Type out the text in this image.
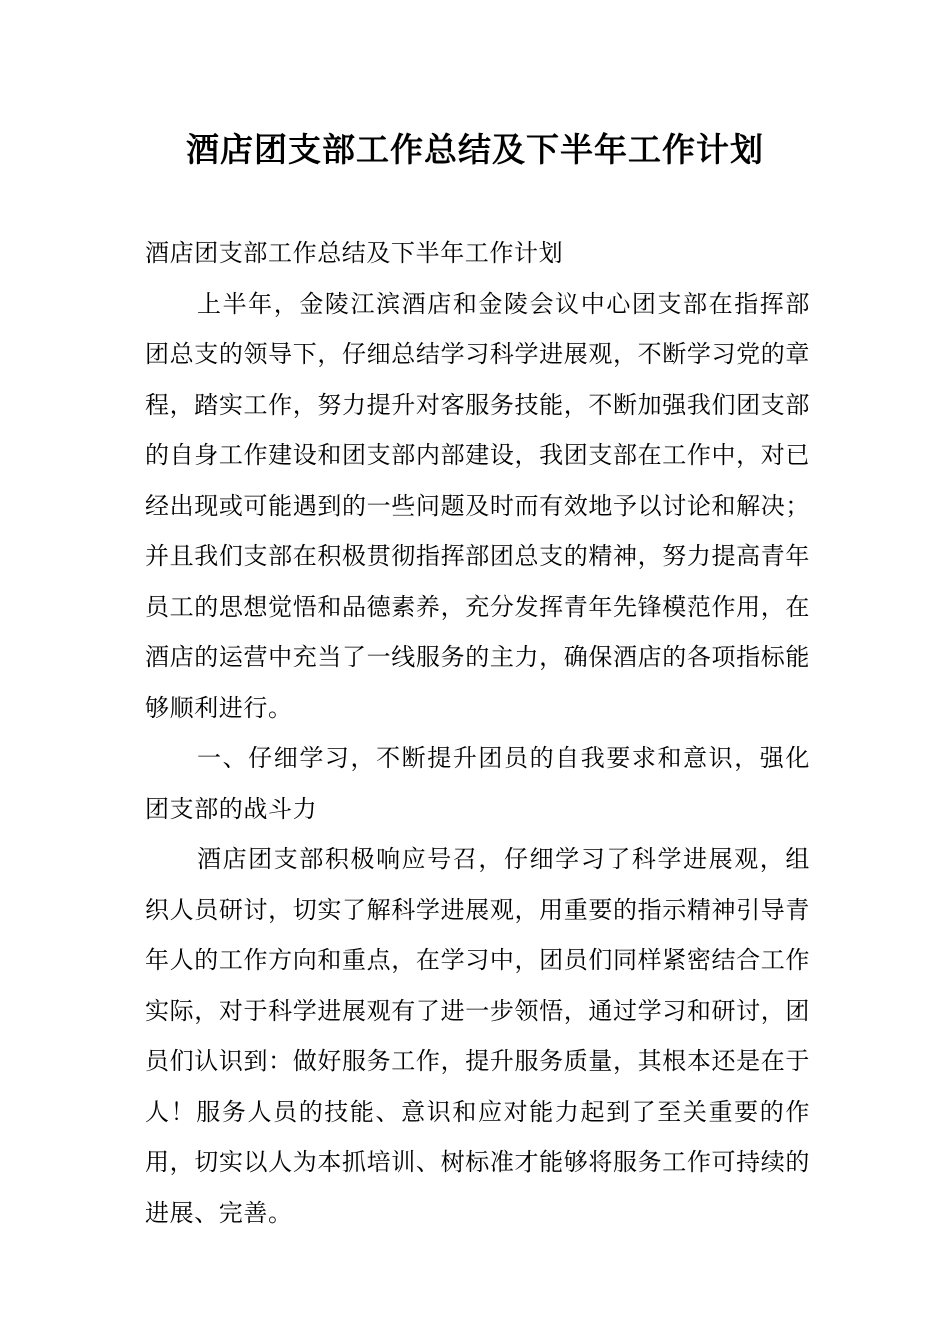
酒店团支部工作总结及下半年工作计划

酒店团支部工作总结及下半年工作计划

上半年，金陵江滨酒店和金陵会议中心团支部在指挥部团总支的领导下，仔细总结学习科学进展观，不断学习党的章程，踏实工作，努力提升对客服务技能，不断加强我们团支部的自身工作建设和团支部内部建设，我团支部在工作中，对已经出现或可能遇到的一些问题及时而有效地予以讨论和解决；并且我们支部在积极贯彻指挥部团总支的精神，努力提高青年员工的思想觉悟和品德素养，充分发挥青年先锋模范作用，在酒店的运营中充当了一线服务的主力，确保酒店的各项指标能够顺利进行。

一、仔细学习，不断提升团员的自我要求和意识，强化团支部的战斗力

酒店团支部积极响应号召，仔细学习了科学进展观，组织人员研讨，切实了解科学进展观，用重要的指示精神引导青年人的工作方向和重点，在学习中，团员们同样紧密结合工作实际，对于科学进展观有了进一步领悟，通过学习和研讨，团员们认识到：做好服务工作，提升服务质量，其根本还是在于人！服务人员的技能、意识和应对能力起到了至关重要的作用，切实以人为本抓培训、树标准才能够将服务工作可持续的进展、完善。
